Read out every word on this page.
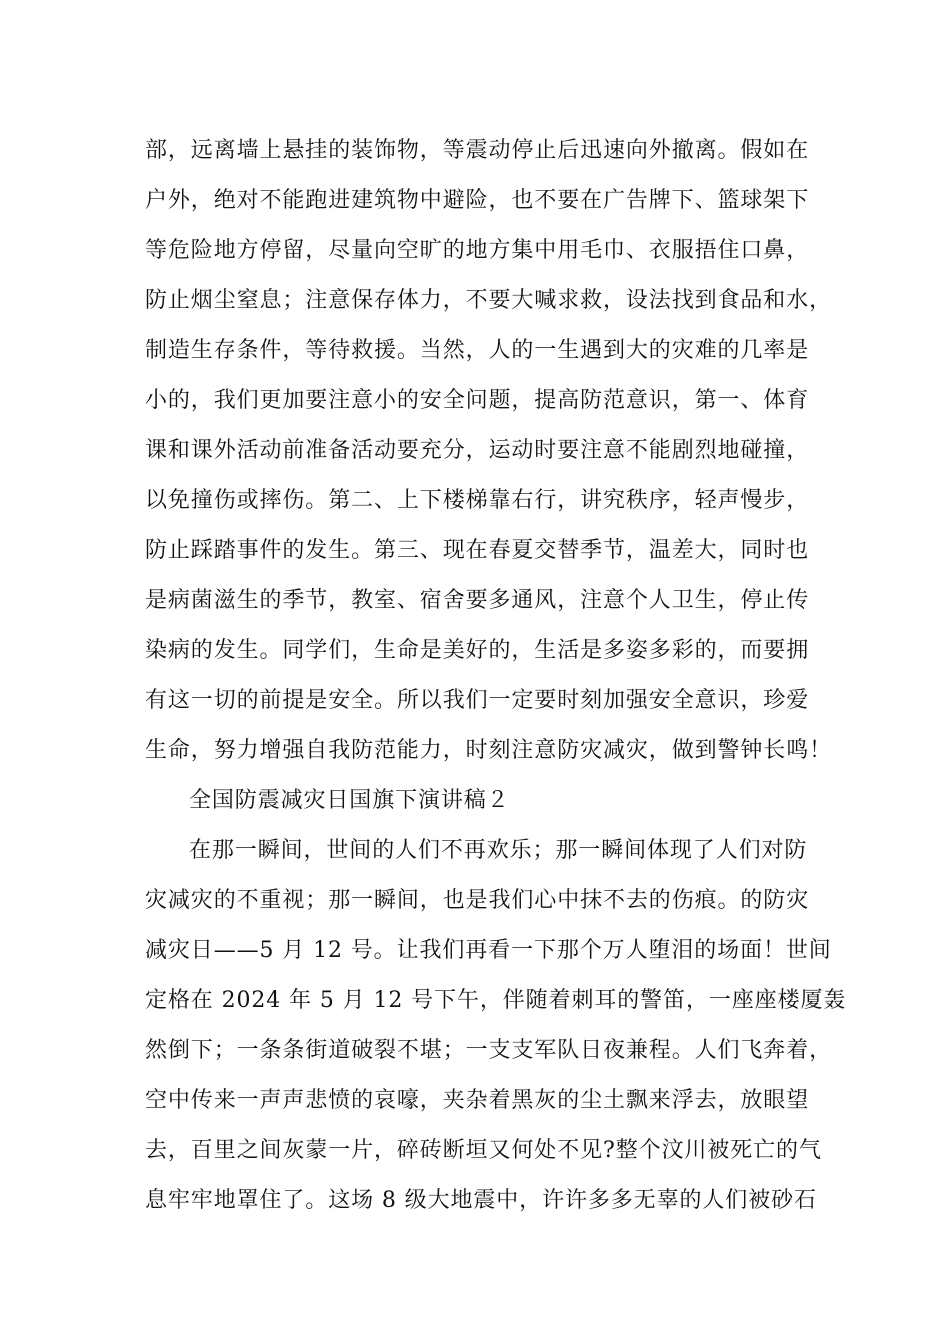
部，远离墙上悬挂的装饰物，等震动停止后迅速向外撤离。假如在
户外，绝对不能跑进建筑物中避险，也不要在广告牌下、篮球架下
等危险地方停留，尽量向空旷的地方集中用毛巾、衣服捂住口鼻，
防止烟尘窒息；注意保存体力，不要大喊求救，设法找到食品和水，
制造生存条件，等待救援。当然，人的一生遇到大的灾难的几率是
小的，我们更加要注意小的安全问题，提高防范意识，第一、体育
课和课外活动前准备活动要充分，运动时要注意不能剧烈地碰撞，
以免撞伤或摔伤。第二、上下楼梯靠右行，讲究秩序，轻声慢步，
防止踩踏事件的发生。第三、现在春夏交替季节，温差大，同时也
是病菌滋生的季节，教室、宿舍要多通风，注意个人卫生，停止传
染病的发生。同学们，生命是美好的，生活是多姿多彩的，而要拥
有这一切的前提是安全。所以我们一定要时刻加强安全意识，珍爱
生命，努力增强自我防范能力，时刻注意防灾减灾，做到警钟长鸣！
全国防震减灾日国旗下演讲稿２
在那一瞬间，世间的人们不再欢乐；那一瞬间体现了人们对防
灾减灾的不重视；那一瞬间，也是我们心中抹不去的伤痕。的防灾
减灾日——5 月 12 号。让我们再看一下那个万人堕泪的场面！世间
定格在 2024 年 5 月 12 号下午，伴随着刺耳的警笛，一座座楼厦轰
然倒下；一条条街道破裂不堪；一支支军队日夜兼程。人们飞奔着，
空中传来一声声悲愤的哀嚎，夹杂着黑灰的尘土飘来浮去，放眼望
去，百里之间灰蒙一片，碎砖断垣又何处不见?整个汶川被死亡的气
息牢牢地罩住了。这场 8 级大地震中，许许多多无辜的人们被砂石
